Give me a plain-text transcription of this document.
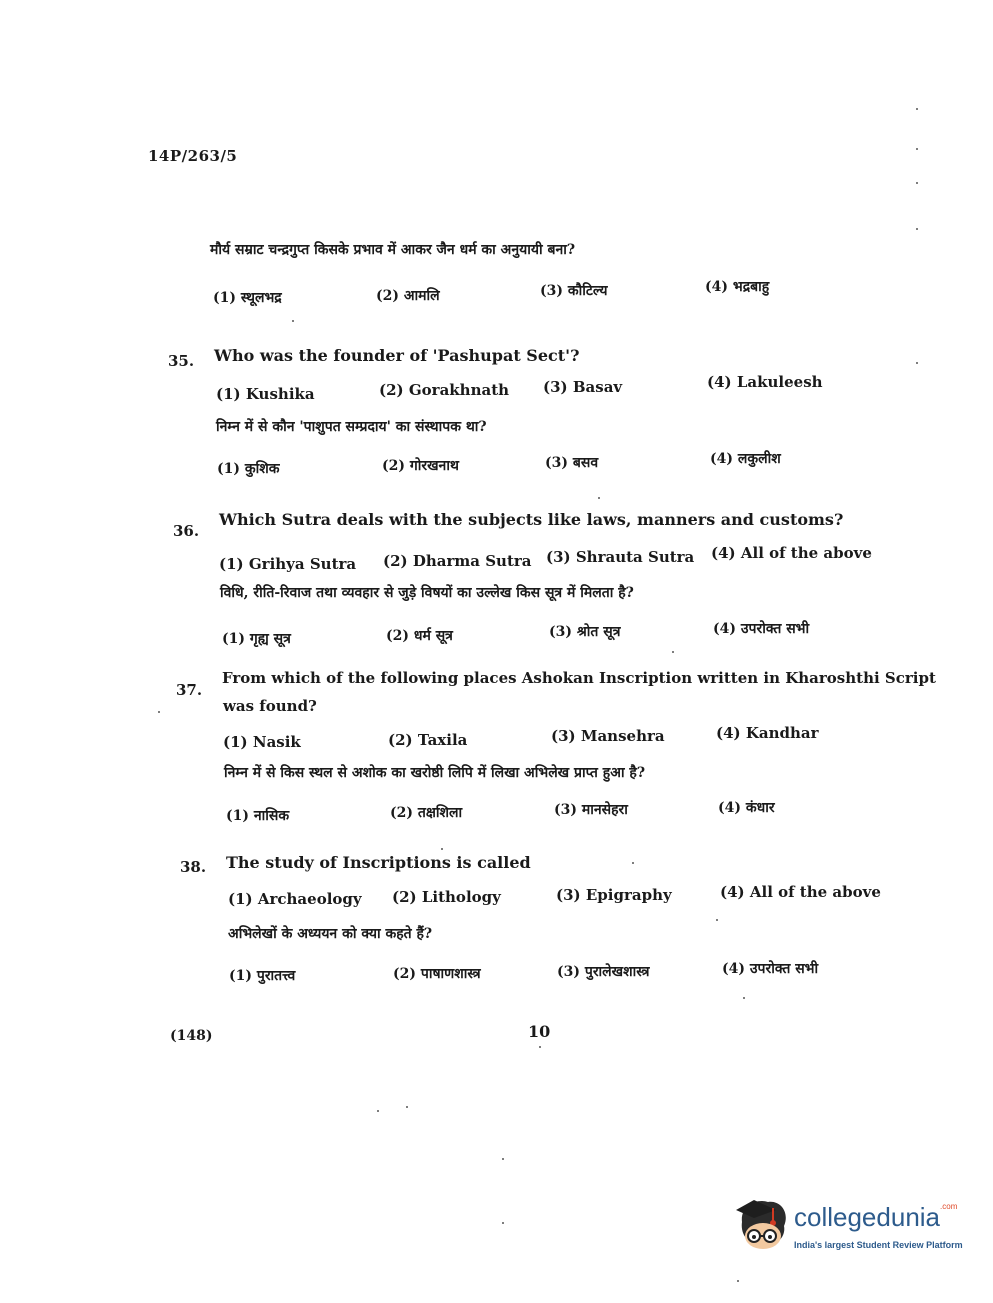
14P/263/5
मौर्य सम्राट चन्द्रगुप्त किसके प्रभाव में आकर जैन धर्म का अनुयायी बना?
(1) स्थूलभद्र	(2) आमलि	(3) कौटिल्य	(4) भद्रबाहु
35. Who was the founder of 'Pashupat Sect'?
(1) Kushika	(2) Gorakhnath (3) Basav	(4) Lakuleesh
निम्न में से कौन 'पाशुपत सम्प्रदाय' का संस्थापक था?
(1) कुशिक	(2) गोरखनाथ	(3) बसव	(4) लकुलीश
36.
Which Sutra deals with the subjects like laws, manners and customs?
(1) Grihya Sutra (2) Dharma Sutra (3) Shrauta Sutra (4) All of the above
विधि, रीति-रिवाज तथा व्यवहार से जुड़े विषयों का उल्लेख किस सूत्र में मिलता है?
(1) गृह्य सूत्र	(2) धर्म सूत्र	(3) श्रोत सूत्र	(4) उपरोक्त सभी
37.
From which of the following places Ashokan Inscription written in Kharoshthi Script
was found?
(1) Nasik	(2) Taxila	(3) Mansehra	(4) Kandhar
निम्न में से किस स्थल से अशोक का खरोष्ठी लिपि में लिखा अभिलेख प्राप्त हुआ है?
(1) नासिक	(2) तक्षशिला	(3) मानसेहरा	(4) कंधार
38. The study of Inscriptions is called
(1) Archaeology (2) Lithology	(3) Epigraphy	(4) All of the above
अभिलेखों के अध्ययन को क्या कहते हैं?
(1) पुरातत्त्व	(2) पाषाणशास्त्र	(3) पुरालेखशास्त्र	(4) उपरोक्त सभी
(148)	10
collegedunia$^{.com}$
India's largest Student Review Platform
